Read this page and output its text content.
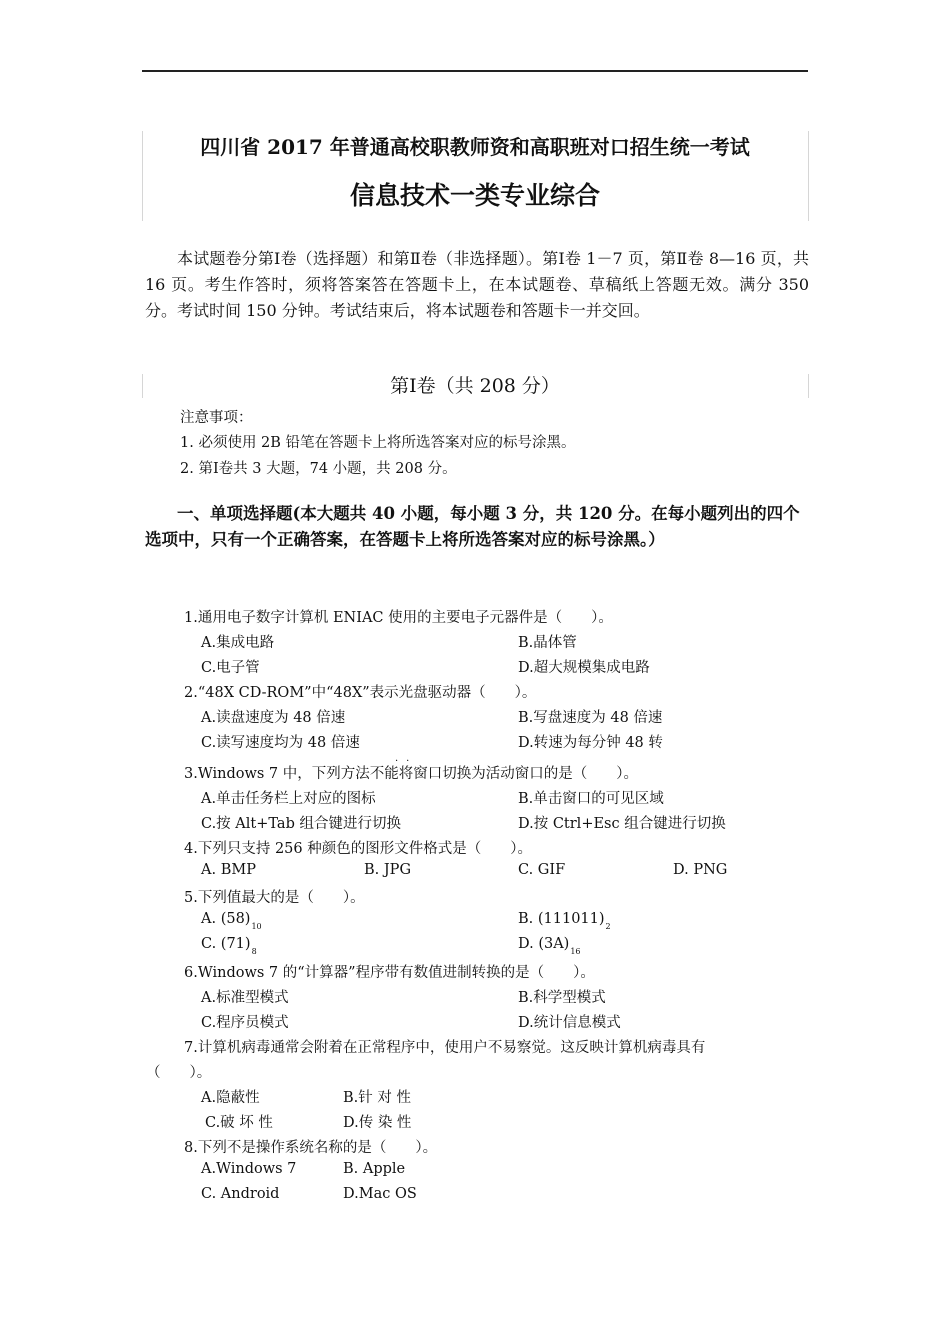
四川省 2017 年普通高校职教师资和高职班对口招生统一考试
信息技术一类专业综合
本试题卷分第Ⅰ卷（选择题）和第Ⅱ卷（非选择题）。第Ⅰ卷 1－7 页，第Ⅱ卷 8—16 页，共 16 页。考生作答时，须将答案答在答题卡上，在本试题卷、草稿纸上答题无效。满分 350 分。考试时间 150 分钟。考试结束后，将本试题卷和答题卡一并交回。
第Ⅰ卷（共 208 分）
注意事项：
1. 必须使用 2B 铅笔在答题卡上将所选答案对应的标号涂黑。
2. 第Ⅰ卷共 3 大题，74 小题，共 208 分。
一、单项选择题(本大题共 40 小题，每小题 3 分，共 120 分。在每小题列出的四个选项中，只有一个正确答案，在答题卡上将所选答案对应的标号涂黑。）
1.通用电子数字计算机 ENIAC 使用的主要电子元器件是（　　）。
A.集成电路	B.晶体管
C.电子管	D.超大规模集成电路
2.“48X CD-ROM”中“48X”表示光盘驱动器（　　）。
A.读盘速度为 48 倍速	B.写盘速度为 48 倍速
C.读写速度均为 48 倍速	D.转速为每分钟 48 转
··
3.Windows 7 中，下列方法不能将窗口切换为活动窗口的是（　　）。
A.单击任务栏上对应的图标	B.单击窗口的可见区域
C.按 Alt+Tab 组合键进行切换	D.按 Ctrl+Esc 组合键进行切换
4.下列只支持 256 种颜色的图形文件格式是（　　）。
A. BMP	B. JPG	C. GIF	D. PNG
5.下列值最大的是（　　）。
A. $(58)_{10}$	B. $(111011)_2$
C. $(71)_8$	D. $(3A)_{16}$
6.Windows 7 的“计算器”程序带有数值进制转换的是（　　）。
A.标准型模式	B.科学型模式
C.程序员模式	D.统计信息模式
7.计算机病毒通常会附着在正常程序中，使用户不易察觉。这反映计算机病毒具有
（　　）。
A.隐蔽性	B.针 对 性
C.破 坏 性	D.传 染 性
8.下列不是操作系统名称的是（　　）。
A.Windows 7	B. Apple
C. Android	D.Mac OS
